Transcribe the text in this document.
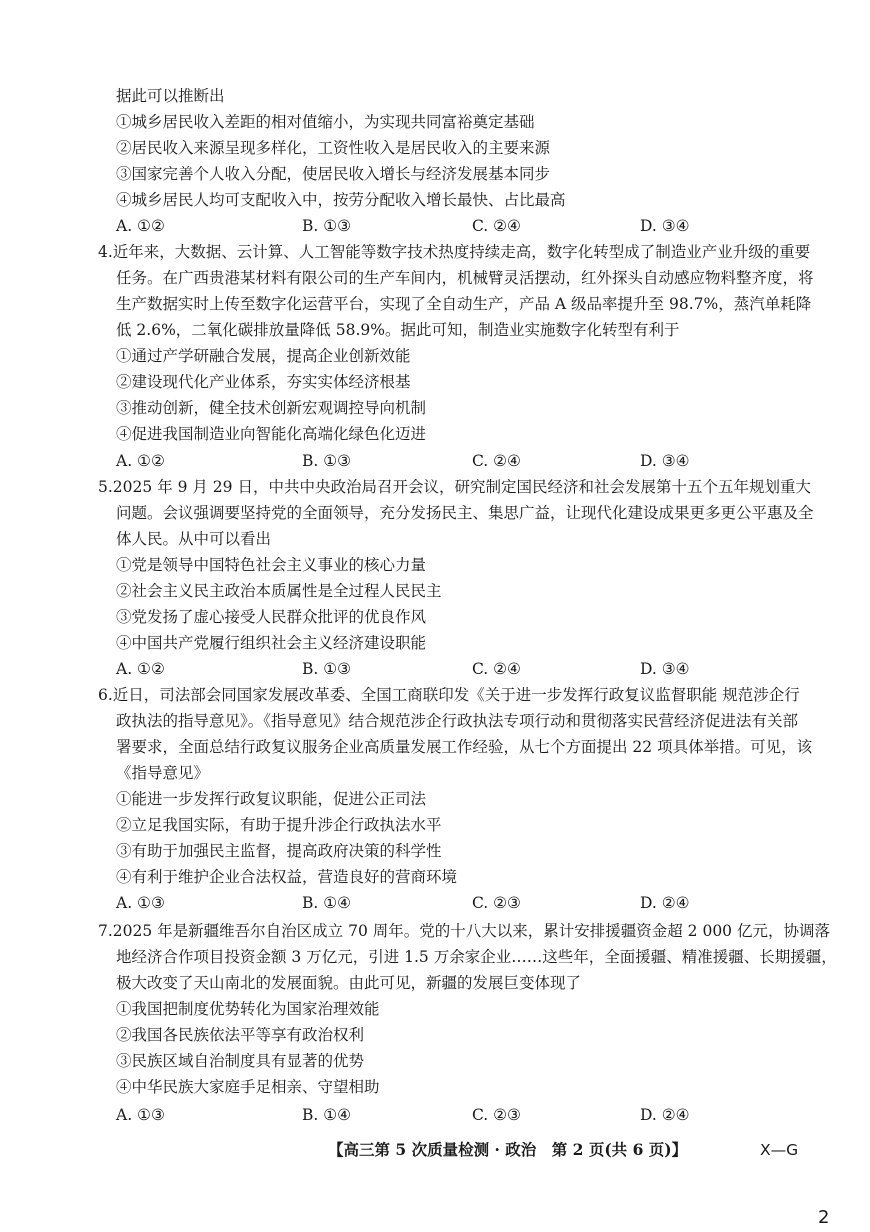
据此可以推断出
①城乡居民收入差距的相对值缩小，为实现共同富裕奠定基础
②居民收入来源呈现多样化，工资性收入是居民收入的主要来源
③国家完善个人收入分配，使居民收入增长与经济发展基本同步
④城乡居民人均可支配收入中，按劳分配收入增长最快、占比最高
A. ①②	B. ①③	C. ②④	D. ③④
4.近年来，大数据、云计算、人工智能等数字技术热度持续走高，数字化转型成了制造业产业升级的重要
任务。在广西贵港某材料有限公司的生产车间内，机械臂灵活摆动，红外探头自动感应物料整齐度，将
生产数据实时上传至数字化运营平台，实现了全自动生产，产品 A 级品率提升至 98.7%，蒸汽单耗降
低 2.6%，二氧化碳排放量降低 58.9%。据此可知，制造业实施数字化转型有利于
①通过产学研融合发展，提高企业创新效能
②建设现代化产业体系，夯实实体经济根基
③推动创新，健全技术创新宏观调控导向机制
④促进我国制造业向智能化高端化绿色化迈进
A. ①②	B. ①③	C. ②④	D. ③④
5.2025 年 9 月 29 日，中共中央政治局召开会议，研究制定国民经济和社会发展第十五个五年规划重大
问题。会议强调要坚持党的全面领导，充分发扬民主、集思广益，让现代化建设成果更多更公平惠及全
体人民。从中可以看出
①党是领导中国特色社会主义事业的核心力量
②社会主义民主政治本质属性是全过程人民民主
③党发扬了虚心接受人民群众批评的优良作风
④中国共产党履行组织社会主义经济建设职能
A. ①②	B. ①③	C. ②④	D. ③④
6.近日，司法部会同国家发展改革委、全国工商联印发《关于进一步发挥行政复议监督职能 规范涉企行
政执法的指导意见》。《指导意见》结合规范涉企行政执法专项行动和贯彻落实民营经济促进法有关部
署要求，全面总结行政复议服务企业高质量发展工作经验，从七个方面提出 22 项具体举措。可见，该
《指导意见》
①能进一步发挥行政复议职能，促进公正司法
②立足我国实际，有助于提升涉企行政执法水平
③有助于加强民主监督，提高政府决策的科学性
④有利于维护企业合法权益，营造良好的营商环境
A. ①③	B. ①④	C. ②③	D. ②④
7.2025 年是新疆维吾尔自治区成立 70 周年。党的十八大以来，累计安排援疆资金超 2 000 亿元，协调落
地经济合作项目投资金额 3 万亿元，引进 1.5 万余家企业……这些年，全面援疆、精准援疆、长期援疆，
极大改变了天山南北的发展面貌。由此可见，新疆的发展巨变体现了
①我国把制度优势转化为国家治理效能
②我国各民族依法平等享有政治权利
③民族区域自治制度具有显著的优势
④中华民族大家庭手足相亲、守望相助
A. ①③	B. ①④	C. ②③	D. ②④
【高三第 5 次质量检测 · 政治　第 2 页(共 6 页)】	X—G
2
